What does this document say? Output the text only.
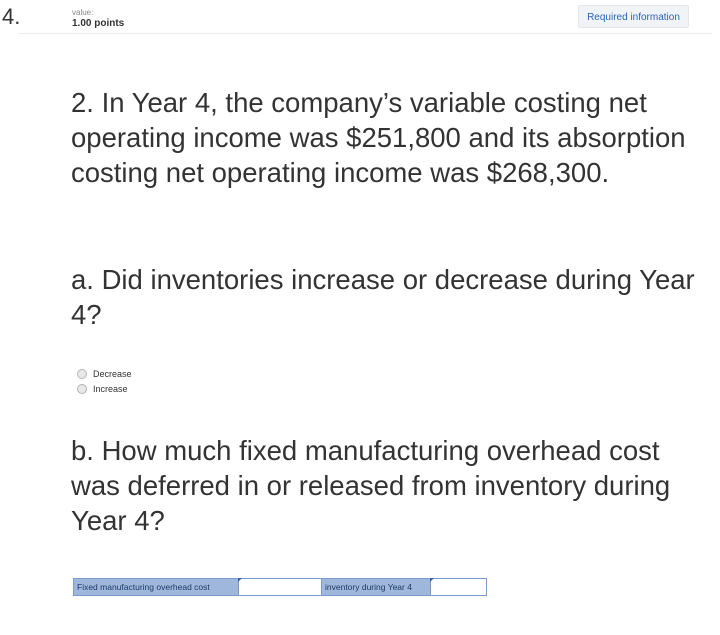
4.	value:
1.00 points
Required information

2. In Year 4, the company’s variable costing net operating income was $251,800 and its absorption costing net operating income was $268,300.

a. Did inventories increase or decrease during Year 4?

Decrease
Increase

b. How much fixed manufacturing overhead cost was deferred in or released from inventory during Year 4?

Fixed manufacturing overhead cost	inventory during Year 4
